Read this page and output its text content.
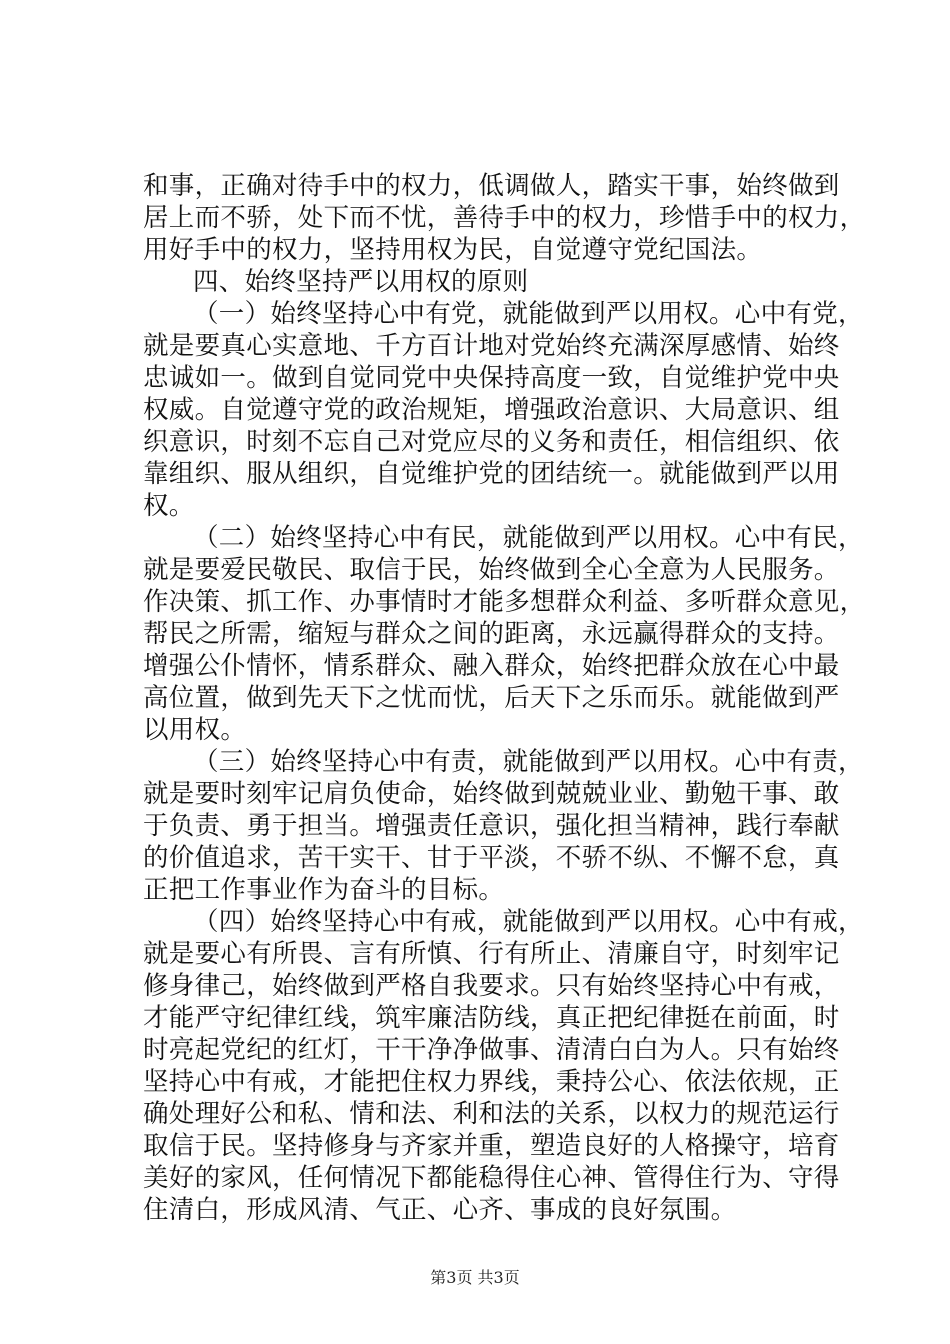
和事，正确对待手中的权力，低调做人，踏实干事，始终做到
居上而不骄，处下而不忧，善待手中的权力，珍惜手中的权力，
用好手中的权力，坚持用权为民，自觉遵守党纪国法。
四、始终坚持严以用权的原则
（一）始终坚持心中有党，就能做到严以用权。心中有党，
就是要真心实意地、千方百计地对党始终充满深厚感情、始终
忠诚如一。做到自觉同党中央保持高度一致，自觉维护党中央
权威。自觉遵守党的政治规矩，增强政治意识、大局意识、组
织意识，时刻不忘自己对党应尽的义务和责任，相信组织、依
靠组织、服从组织，自觉维护党的团结统一。就能做到严以用
权。
（二）始终坚持心中有民，就能做到严以用权。心中有民，
就是要爱民敬民、取信于民，始终做到全心全意为人民服务。
作决策、抓工作、办事情时才能多想群众利益、多听群众意见，
帮民之所需，缩短与群众之间的距离，永远赢得群众的支持。
增强公仆情怀，情系群众、融入群众，始终把群众放在心中最
高位置，做到先天下之忧而忧，后天下之乐而乐。就能做到严
以用权。
（三）始终坚持心中有责，就能做到严以用权。心中有责，
就是要时刻牢记肩负使命，始终做到兢兢业业、勤勉干事、敢
于负责、勇于担当。增强责任意识，强化担当精神，践行奉献
的价值追求，苦干实干、甘于平淡，不骄不纵、不懈不怠，真
正把工作事业作为奋斗的目标。
（四）始终坚持心中有戒，就能做到严以用权。心中有戒，
就是要心有所畏、言有所慎、行有所止、清廉自守，时刻牢记
修身律己，始终做到严格自我要求。只有始终坚持心中有戒，
才能严守纪律红线，筑牢廉洁防线，真正把纪律挺在前面，时
时亮起党纪的红灯，干干净净做事、清清白白为人。只有始终
坚持心中有戒，才能把住权力界线，秉持公心、依法依规，正
确处理好公和私、情和法、利和法的关系，以权力的规范运行
取信于民。坚持修身与齐家并重，塑造良好的人格操守，培育
美好的家风，任何情况下都能稳得住心神、管得住行为、守得
住清白，形成风清、气正、心齐、事成的良好氛围。
第3页 共3页
